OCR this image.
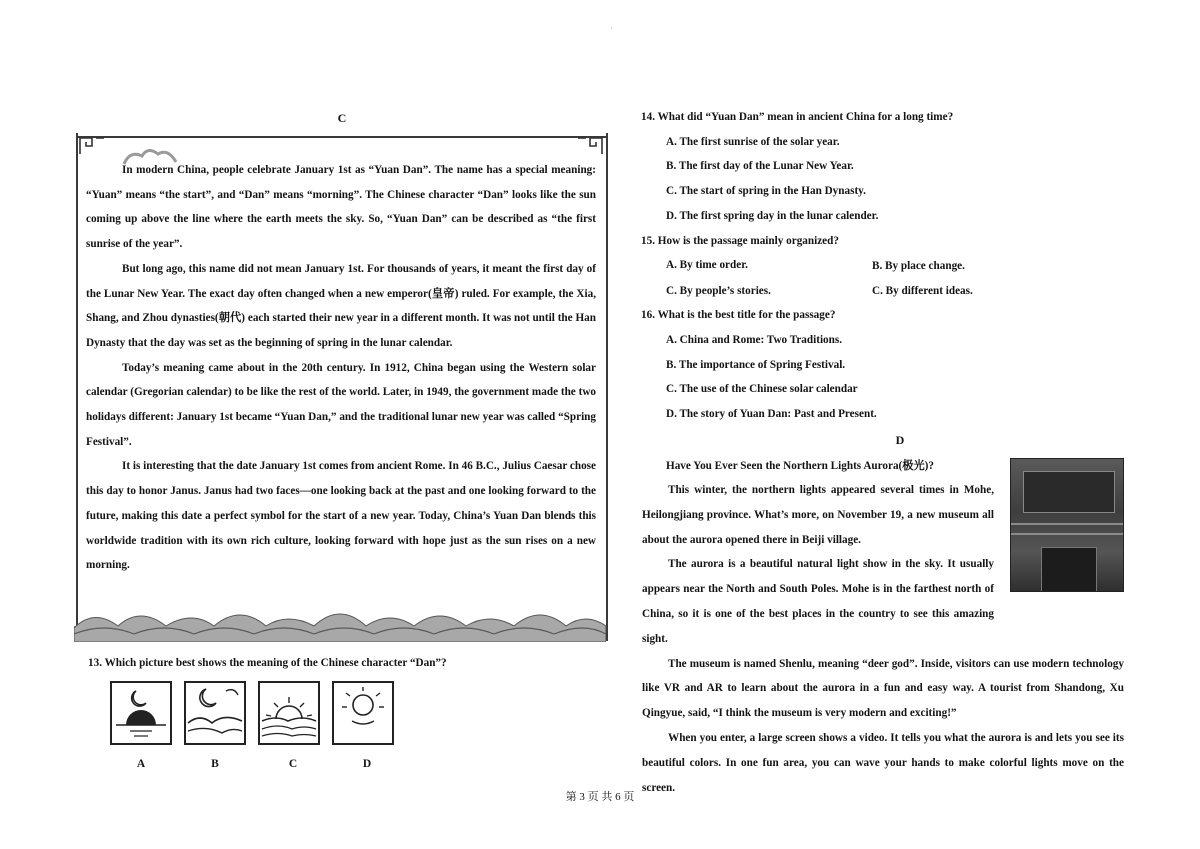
·
C

In modern China, people celebrate January 1st as “Yuan Dan”. The name has a special meaning: “Yuan” means “the start”, and “Dan” means “morning”. The Chinese character “Dan” looks like the sun coming up above the line where the earth meets the sky. So, “Yuan Dan” can be described as “the first sunrise of the year”.

But long ago, this name did not mean January 1st. For thousands of years, it meant the first day of the Lunar New Year. The exact day often changed when a new emperor(皇帝) ruled. For example, the Xia, Shang, and Zhou dynasties(朝代) each started their new year in a different month. It was not until the Han Dynasty that the day was set as the beginning of spring in the lunar calendar.

Today’s meaning came about in the 20th century. In 1912, China began using the Western solar calendar (Gregorian calendar) to be like the rest of the world. Later, in 1949, the government made the two holidays different: January 1st became “Yuan Dan,” and the traditional lunar new year was called “Spring Festival”.

It is interesting that the date January 1st comes from ancient Rome. In 46 B.C., Julius Caesar chose this day to honor Janus. Janus had two faces—one looking back at the past and one looking forward to the future, making this date a perfect symbol for the start of a new year. Today, China’s Yuan Dan blends this worldwide tradition with its own rich culture, looking forward with hope just as the sun rises on a new morning.

13. Which picture best shows the meaning of the Chinese character “Dan”?
A	B	C	D
14. What did “Yuan Dan” mean in ancient China for a long time?
A. The first sunrise of the solar year.
B. The first day of the Lunar New Year.
C. The start of spring in the Han Dynasty.
D. The first spring day in the lunar calender.
15. How is the passage mainly organized?
A. By time order.	B. By place change.
C. By people’s stories.	C. By different ideas.
16. What is the best title for the passage?
A. China and Rome: Two Traditions.
B. The importance of Spring Festival.
C. The use of the Chinese solar calendar
D. The story of Yuan Dan: Past and Present.
D
Have You Ever Seen the Northern Lights Aurora(极光)?

This winter, the northern lights appeared several times in Mohe, Heilongjiang province. What’s more, on November 19, a new museum all about the aurora opened there in Beiji village.

The aurora is a beautiful natural light show in the sky. It usually appears near the North and South Poles. Mohe is in the farthest north of China, so it is one of the best places in the country to see this amazing sight.

The museum is named Shenlu, meaning “deer god”. Inside, visitors can use modern technology like VR and AR to learn about the aurora in a fun and easy way. A tourist from Shandong, Xu Qingyue, said, “I think the museum is very modern and exciting!”

When you enter, a large screen shows a video. It tells you what the aurora is and lets you see its beautiful colors. In one fun area, you can wave your hands to make colorful lights move on the screen.

第 3 页 共 6 页
